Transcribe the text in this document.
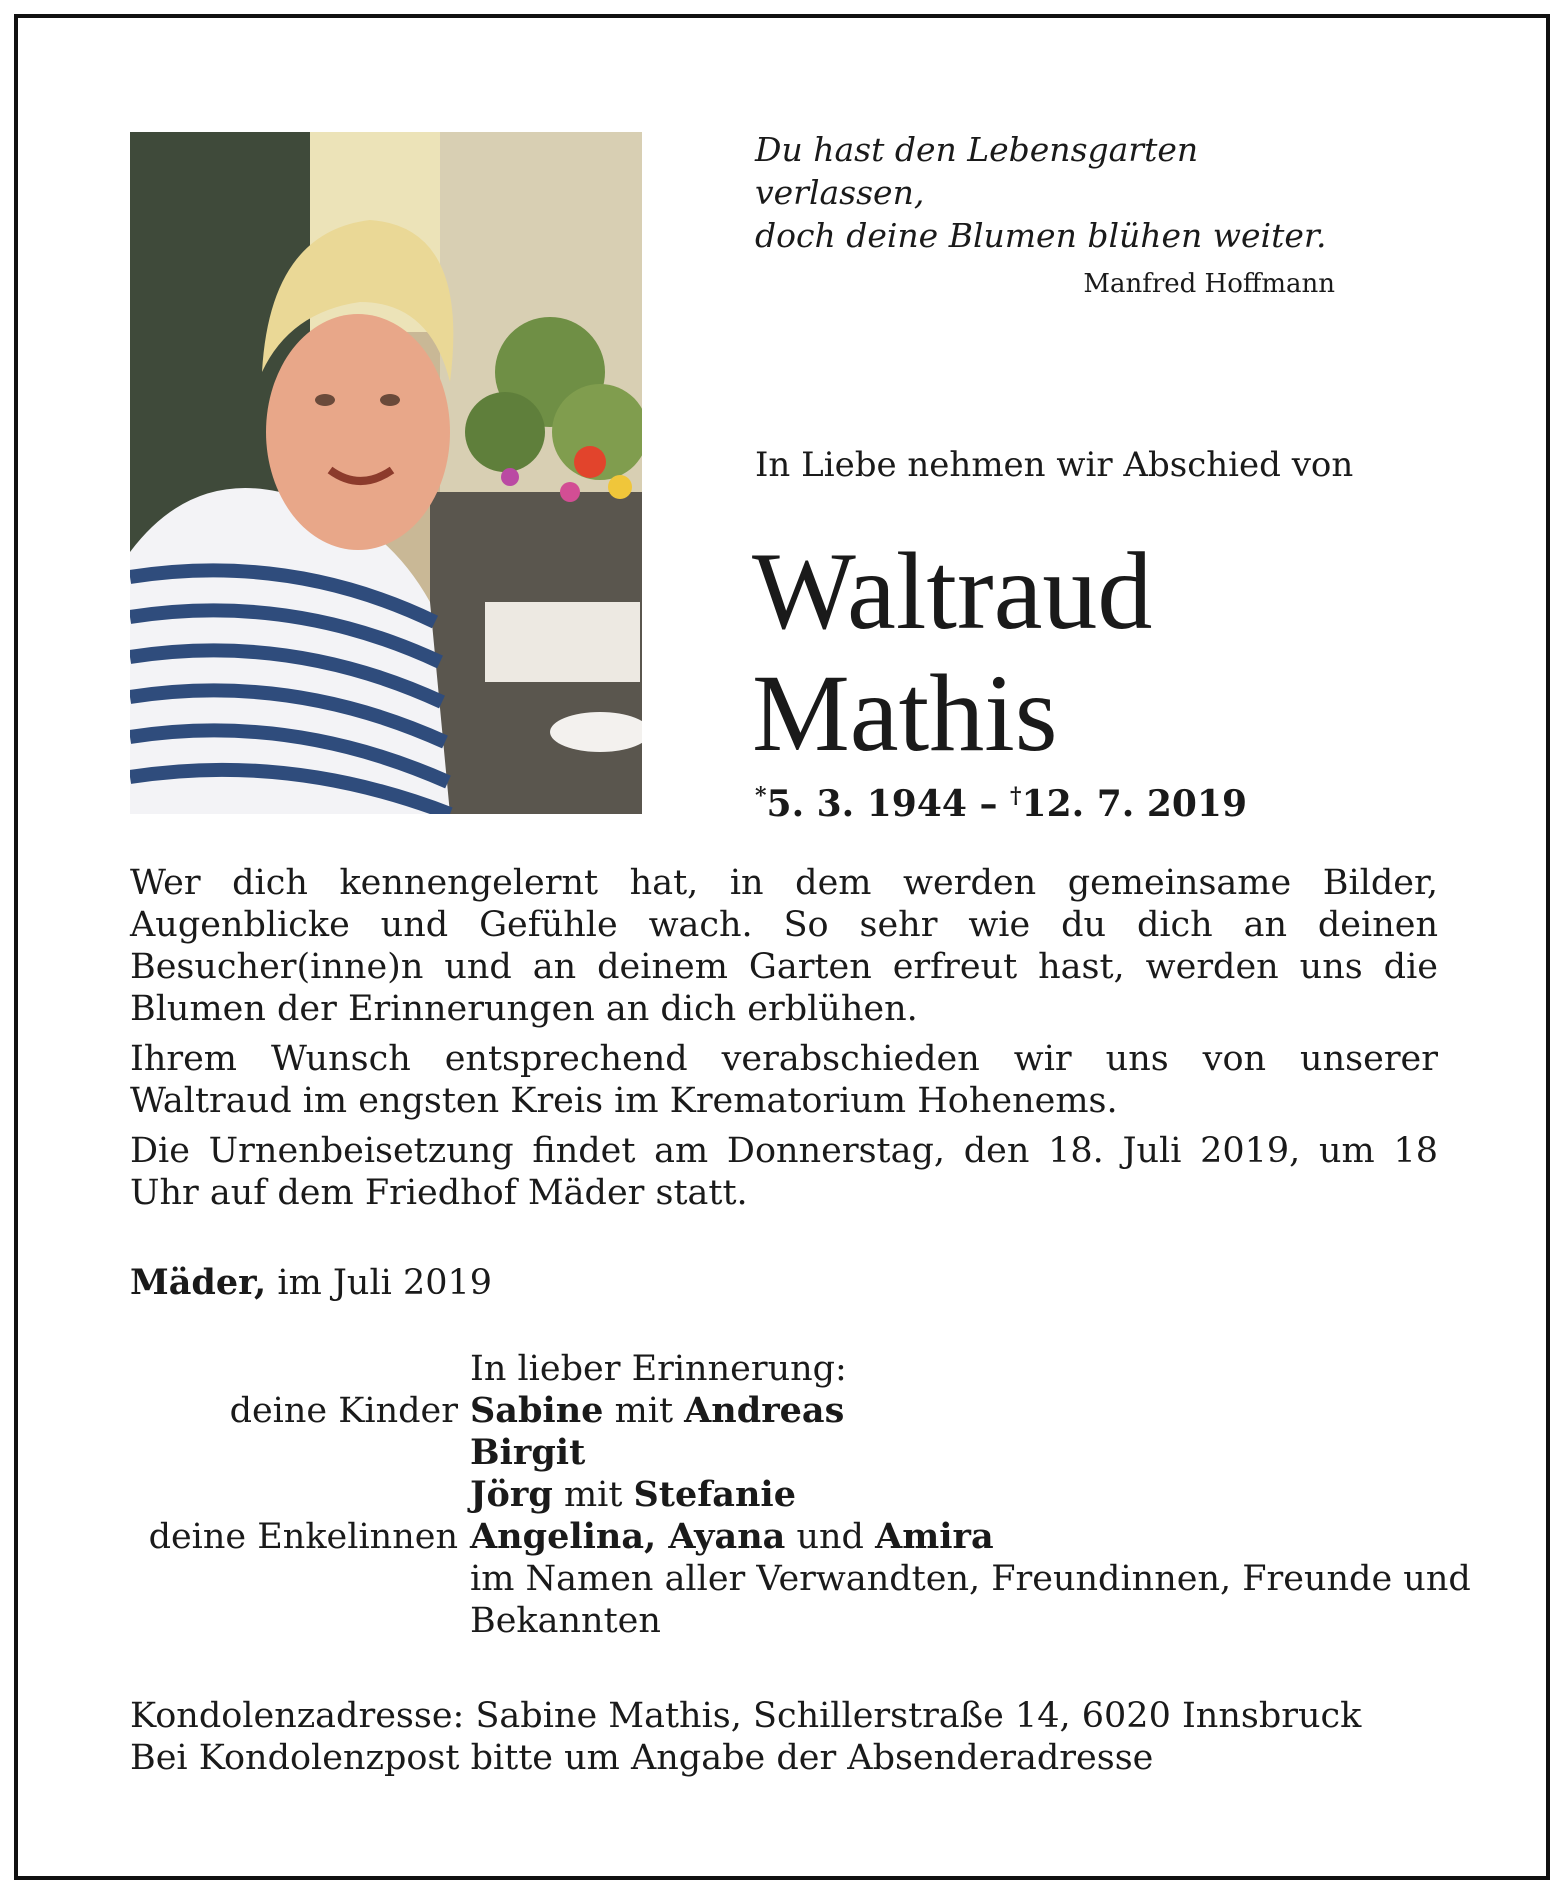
Du hast den Lebensgarten verlassen,
doch deine Blumen blühen weiter.
Manfred Hoffmann
In Liebe nehmen wir Abschied von
Waltraud
Mathis
*5. 3. 1944 – †12. 7. 2019

Wer dich kennengelernt hat, in dem werden gemeinsame Bilder, Augenblicke und Gefühle wach. So sehr wie du dich an deinen Besucher(inne)n und an deinem Garten erfreut hast, werden uns die Blumen der Erinnerungen an dich erblühen.

Ihrem Wunsch entsprechend verabschieden wir uns von unserer Waltraud im engsten Kreis im Krematorium Hohenems.

Die Urnenbeisetzung findet am Donnerstag, den 18. Juli 2019, um 18 Uhr auf dem Friedhof Mäder statt.

Mäder, im Juli 2019
In lieber Erinnerung:
deine Kinder Sabine mit Andreas
Birgit
Jörg mit Stefanie
deine Enkelinnen Angelina, Ayana und Amira
im Namen aller Verwandten, Freundinnen, Freunde und
Bekannten
Kondolenzadresse: Sabine Mathis, Schillerstraße 14, 6020 Innsbruck
Bei Kondolenzpost bitte um Angabe der Absenderadresse
